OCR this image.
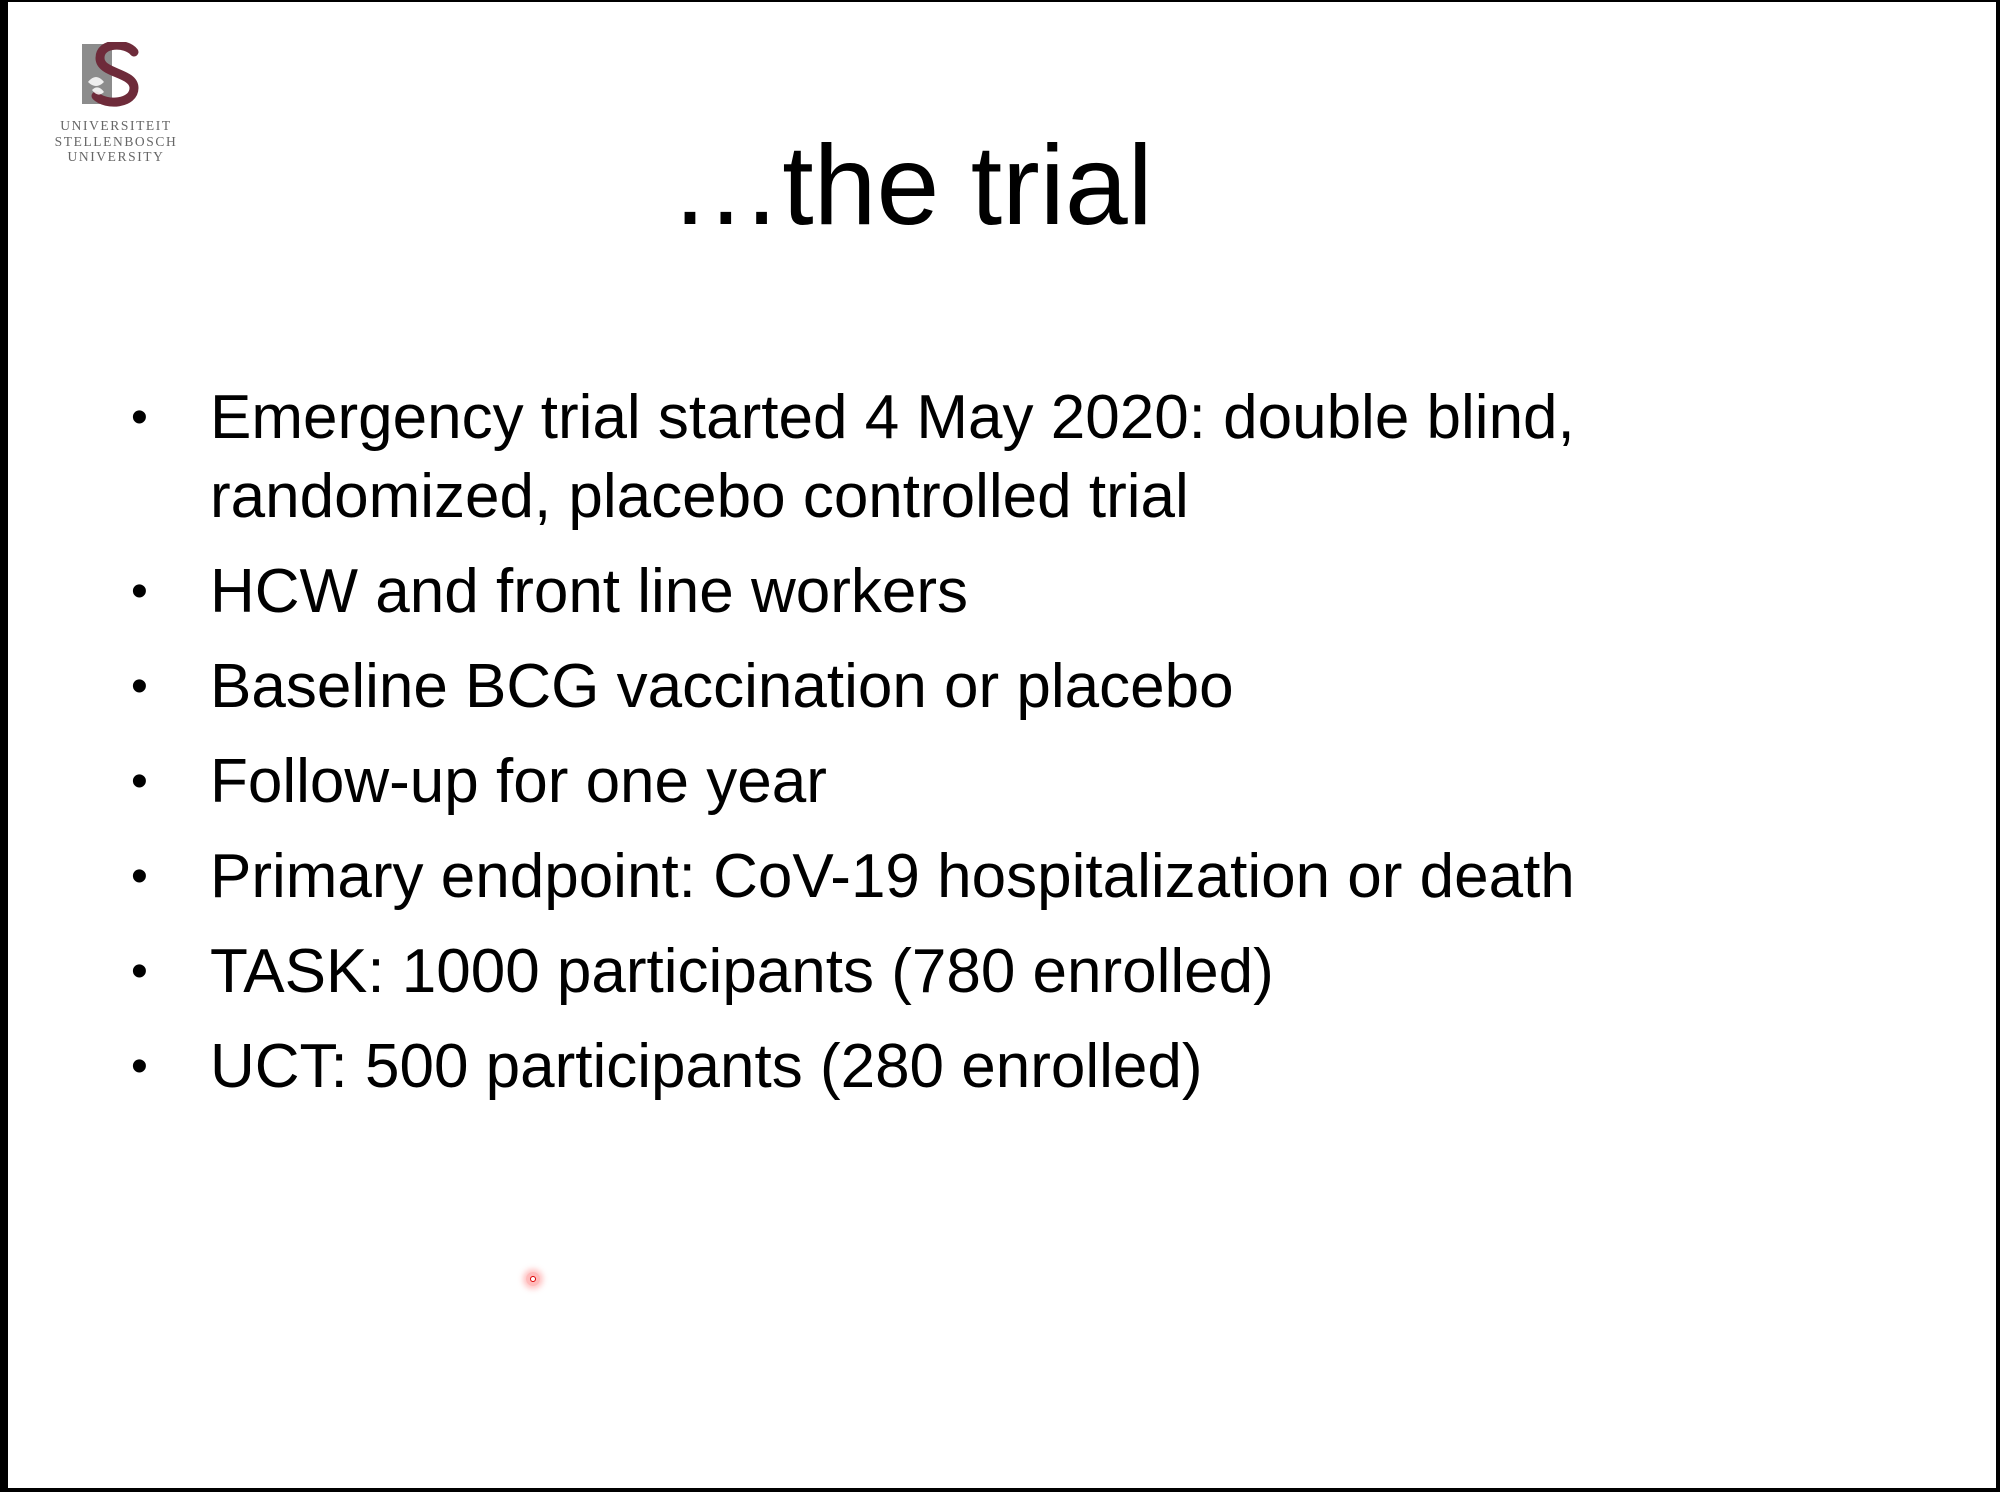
UNIVERSITEIT
STELLENBOSCH
UNIVERSITY	…the trial
• Emergency trial started 4 May 2020: double blind, randomized, placebo controlled trial
• HCW and front line workers
• Baseline BCG vaccination or placebo
• Follow-up for one year
• Primary endpoint: CoV-19 hospitalization or death
• TASK: 1000 participants (780 enrolled)
• UCT: 500 participants (280 enrolled)
